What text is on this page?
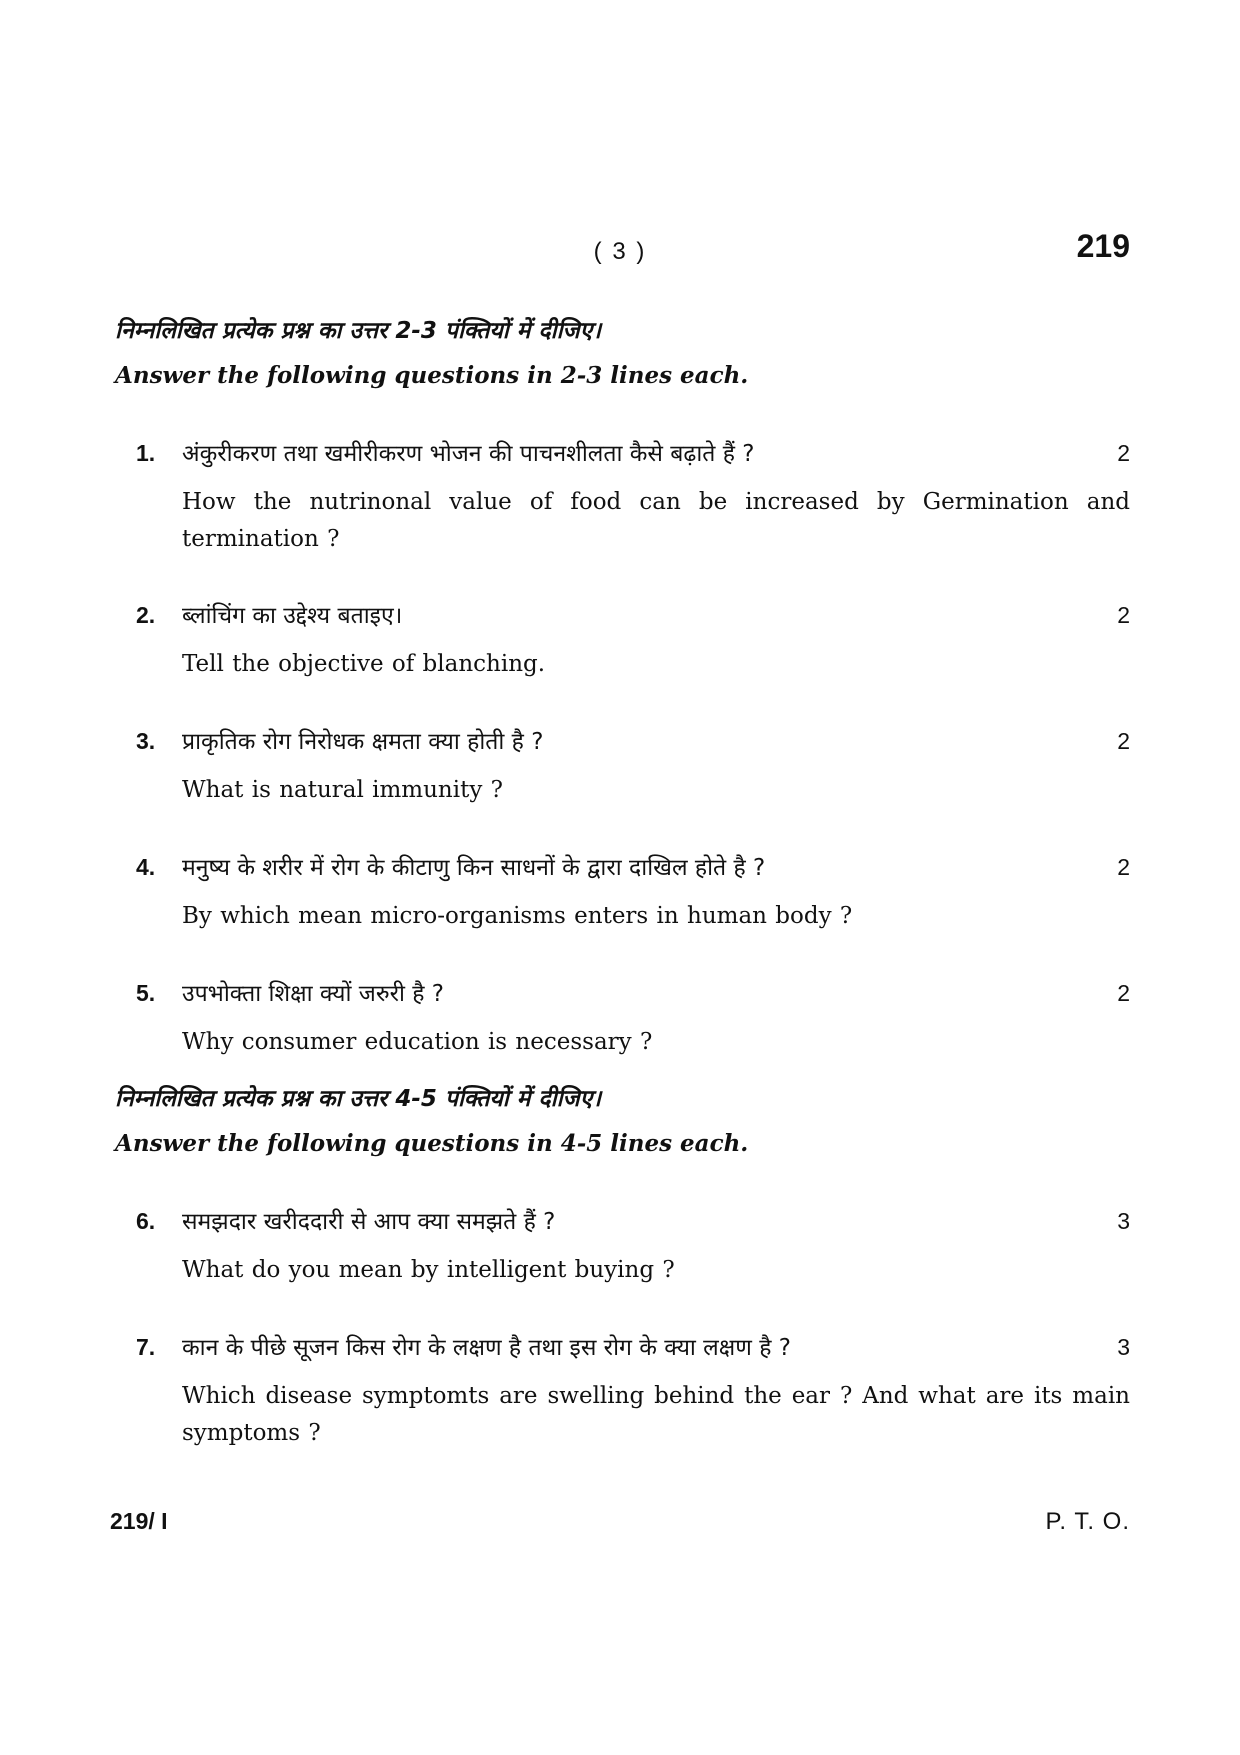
( 3 )	219
निम्नलिखित प्रत्येक प्रश्न का उत्तर 2-3 पंक्तियों में दीजिए।
Answer the following questions in 2-3 lines each.
1. अंकुरीकरण तथा खमीरीकरण भोजन की पाचनशीलता कैसे बढ़ाते हैं ?	2
How the nutrinonal value of food can be increased by Germination and termination ?
2. ब्लांचिंग का उद्देश्य बताइए।	2
Tell the objective of blanching.
3. प्राकृतिक रोग निरोधक क्षमता क्या होती है ?	2
What is natural immunity ?
4. मनुष्य के शरीर में रोग के कीटाणु किन साधनों के द्वारा दाखिल होते है ?	2
By which mean micro-organisms enters in human body ?
5. उपभोक्ता शिक्षा क्यों जरुरी है ?	2
Why consumer education is necessary ?
निम्नलिखित प्रत्येक प्रश्न का उत्तर 4-5 पंक्तियों में दीजिए।
Answer the following questions in 4-5 lines each.
6. समझदार खरीददारी से आप क्या समझते हैं ?	3
What do you mean by intelligent buying ?
7. कान के पीछे सूजन किस रोग के लक्षण है तथा इस रोग के क्या लक्षण है ?	3
Which disease symptomts are swelling behind the ear ? And what are its main symptoms ?
219/ I	P. T. O.
